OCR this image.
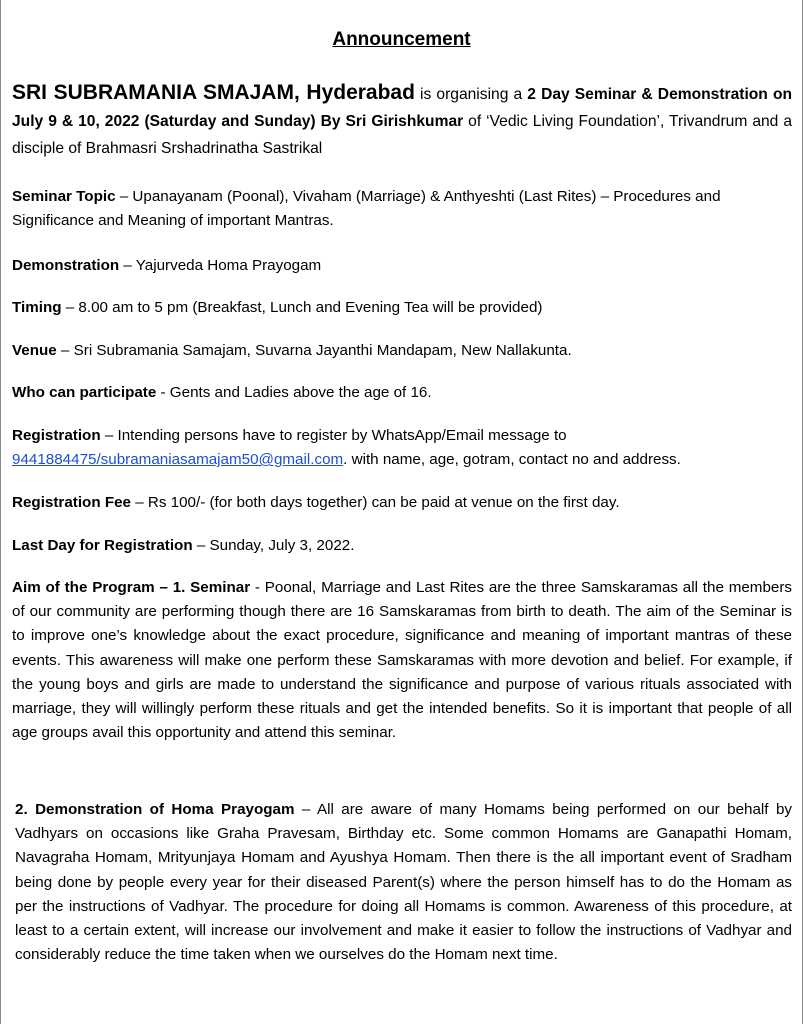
Announcement

SRI SUBRAMANIA SMAJAM, Hyderabad is organising a 2 Day Seminar & Demonstration on July 9 & 10, 2022 (Saturday and Sunday) By Sri Girishkumar of ‘Vedic Living Foundation’, Trivandrum and a disciple of Brahmasri Srshadrinatha Sastrikal

Seminar Topic – Upanayanam (Poonal), Vivaham (Marriage) & Anthyeshti (Last Rites) – Procedures and Significance and Meaning of important Mantras.

Demonstration – Yajurveda Homa Prayogam

Timing – 8.00 am to 5 pm (Breakfast, Lunch and Evening Tea will be provided)

Venue – Sri Subramania Samajam, Suvarna Jayanthi Mandapam, New Nallakunta.

Who can participate - Gents and Ladies above the age of 16.

Registration – Intending persons have to register by WhatsApp/Email message to
9441884475/subramaniasamajam50@gmail.com. with name, age, gotram, contact no and address.

Registration Fee – Rs 100/- (for both days together) can be paid at venue on the first day.

Last Day for Registration – Sunday, July 3, 2022.

Aim of the Program – 1. Seminar - Poonal, Marriage and Last Rites are the three Samskaramas all the members of our community are performing though there are 16 Samskaramas from birth to death. The aim of the Seminar is to improve one’s knowledge about the exact procedure, significance and meaning of important mantras of these events. This awareness will make one perform these Samskaramas with more devotion and belief. For example, if the young boys and girls are made to understand the significance and purpose of various rituals associated with marriage, they will willingly perform these rituals and get the intended benefits. So it is important that people of all age groups avail this opportunity and attend this seminar.

2. Demonstration of Homa Prayogam – All are aware of many Homams being performed on our behalf by Vadhyars on occasions like Graha Pravesam, Birthday etc. Some common Homams are Ganapathi Homam, Navagraha Homam, Mrityunjaya Homam and Ayushya Homam. Then there is the all important event of Sradham being done by people every year for their diseased Parent(s) where the person himself has to do the Homam as per the instructions of Vadhyar. The procedure for doing all Homams is common. Awareness of this procedure, at least to a certain extent, will increase our involvement and make it easier to follow the instructions of Vadhyar and considerably reduce the time taken when we ourselves do the Homam next time.
